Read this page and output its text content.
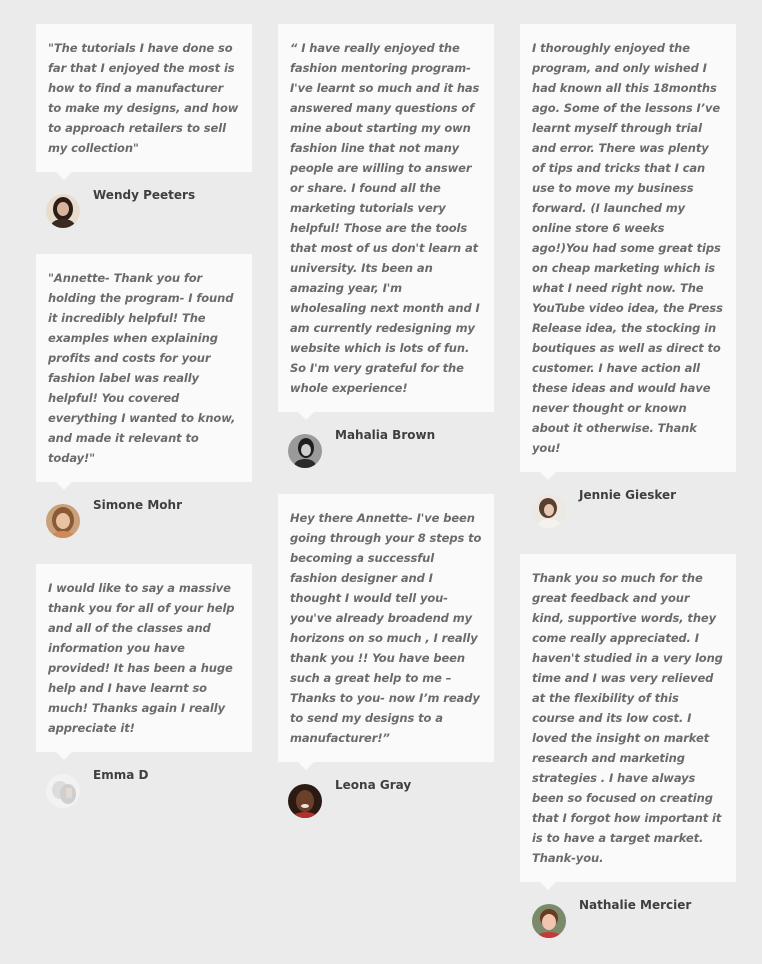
"The tutorials I have done so far that I enjoyed the most is how to find a manufacturer to make my designs, and how to approach retailers to sell my collection"

Wendy Peeters

"Annette- Thank you for holding the program- I found it incredibly helpful! The examples when explaining profits and costs for your fashion label was really helpful! You covered everything I wanted to know, and made it relevant to today!"

Simone Mohr

I would like to say a massive thank you for all of your help and all of the classes and information you have provided! It has been a huge help and I have learnt so much! Thanks again I really appreciate it!

Emma D

“ I have really enjoyed the fashion mentoring program- I've learnt so much and it has answered many questions of mine about starting my own fashion line that not many people are willing to answer or share. I found all the marketing tutorials very helpful! Those are the tools that most of us don't learn at university. Its been an amazing year, I'm wholesaling next month and I am currently redesigning my website which is lots of fun. So I'm very grateful for the whole experience!

Mahalia Brown

Hey there Annette- I've been going through your 8 steps to becoming a successful fashion designer and I thought I would tell you- you've already broadend my horizons on so much , I really thank you !! You have been such a great help to me – Thanks to you- now I’m ready to send my designs to a manufacturer!”

Leona Gray

I thoroughly enjoyed the program, and only wished I had known all this 18months ago. Some of the lessons I’ve learnt myself through trial and error. There was plenty of tips and tricks that I can use to move my business forward. (I launched my online store 6 weeks ago!)You had some great tips on cheap marketing which is what I need right now. The YouTube video idea, the Press Release idea, the stocking in boutiques as well as direct to customer. I have action all these ideas and would have never thought or known about it otherwise. Thank you!

Jennie Giesker

Thank you so much for the great feedback and your kind, supportive words, they come really appreciated. I haven't studied in a very long time and I was very relieved at the flexibility of this course and its low cost. I loved the insight on market research and marketing strategies . I have always been so focused on creating that I forgot how important it is to have a target market. Thank-you.

Nathalie Mercier
